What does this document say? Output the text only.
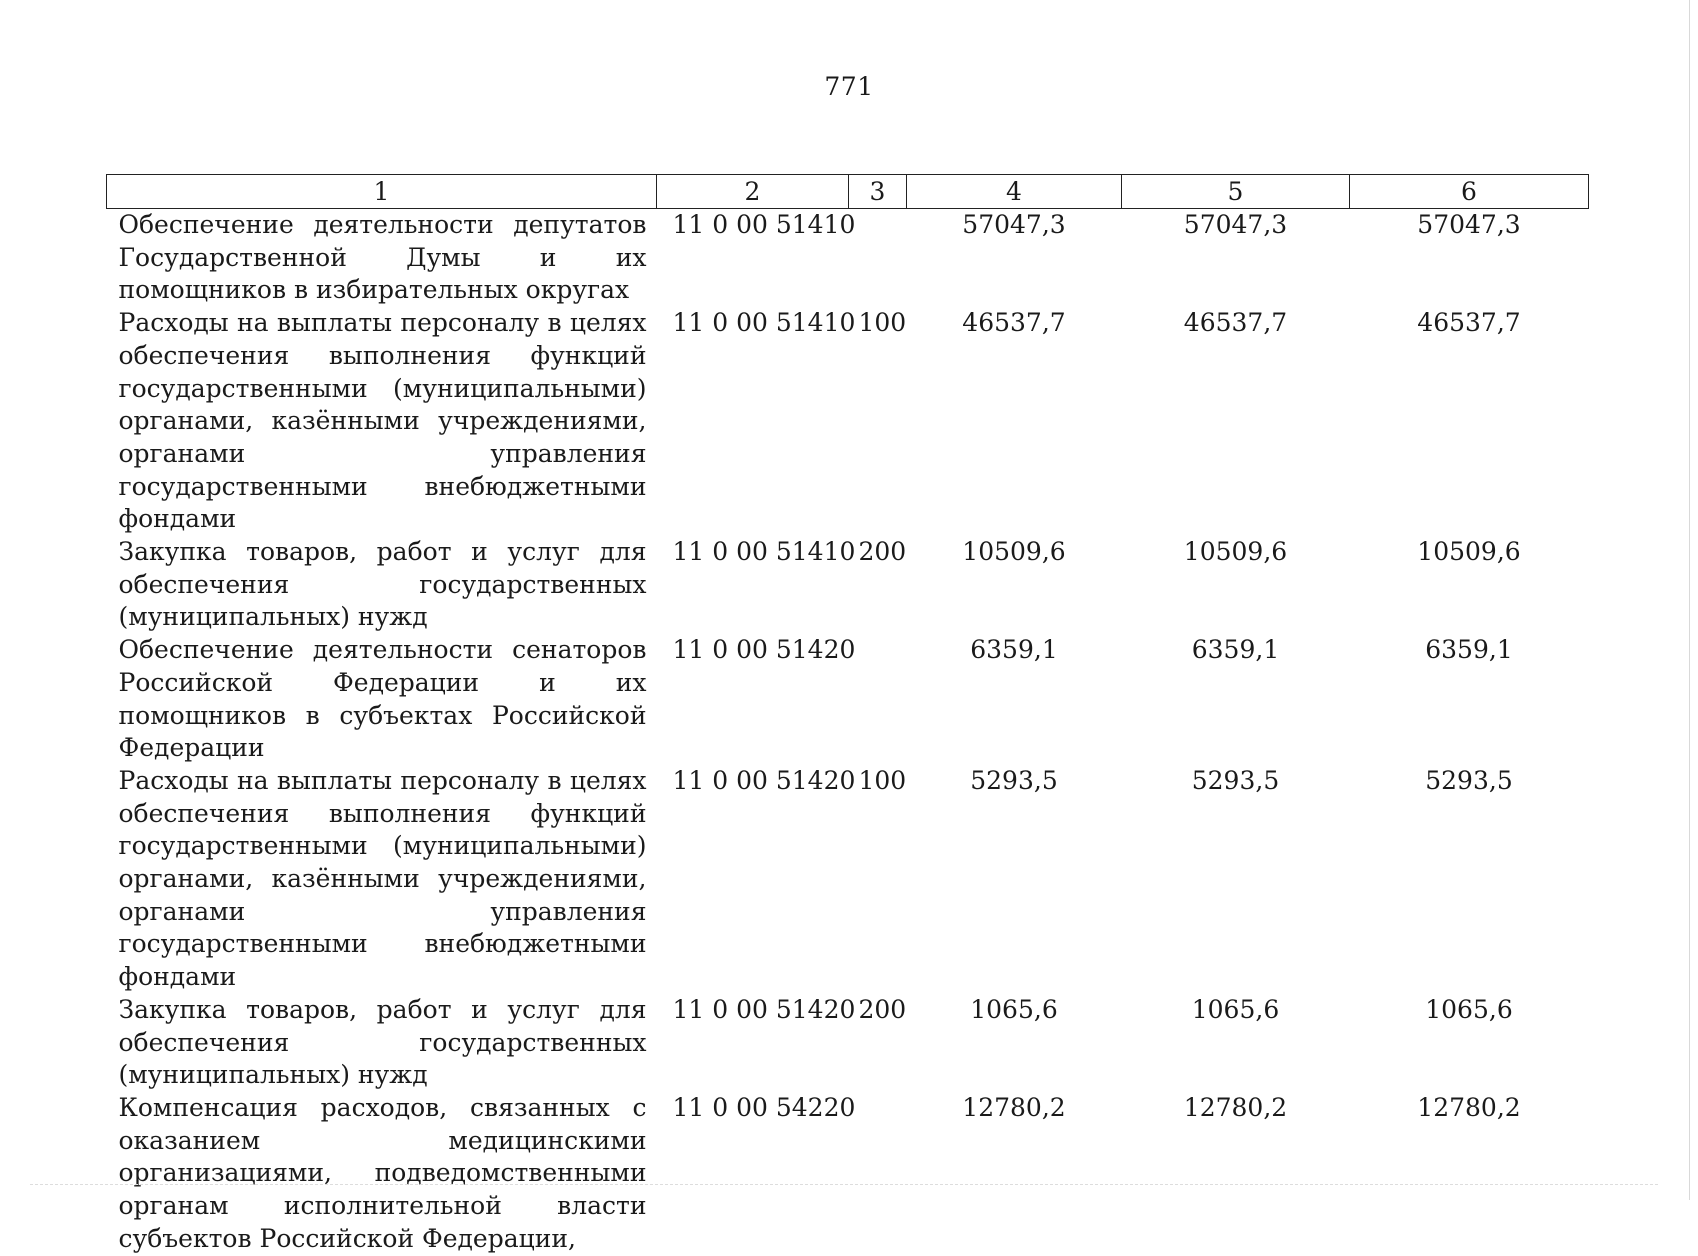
771
1	2	3	4	5	6
Обеспечение деятельности депутатов Государственной Думы и их помощников в избирательных округах	11 0 00 51410		57047,3	57047,3	57047,3
Расходы на выплаты персоналу в целях обеспечения выполнения функций государственными (муниципальными) органами, казёнными учреждениями, органами управления государственными внебюджетными фондами	11 0 00 51410	100	46537,7	46537,7	46537,7
Закупка товаров, работ и услуг для обеспечения государственных (муниципальных) нужд	11 0 00 51410	200	10509,6	10509,6	10509,6
Обеспечение деятельности сенаторов Российской Федерации и их помощников в субъектах Российской Федерации	11 0 00 51420		6359,1	6359,1	6359,1
Расходы на выплаты персоналу в целях обеспечения выполнения функций государственными (муниципальными) органами, казёнными учреждениями, органами управления государственными внебюджетными фондами	11 0 00 51420	100	5293,5	5293,5	5293,5
Закупка товаров, работ и услуг для обеспечения государственных (муниципальных) нужд	11 0 00 51420	200	1065,6	1065,6	1065,6
Компенсация расходов, связанных с оказанием медицинскими организациями, подведомственными органам исполнительной власти субъектов Российской Федерации,	11 0 00 54220		12780,2	12780,2	12780,2
